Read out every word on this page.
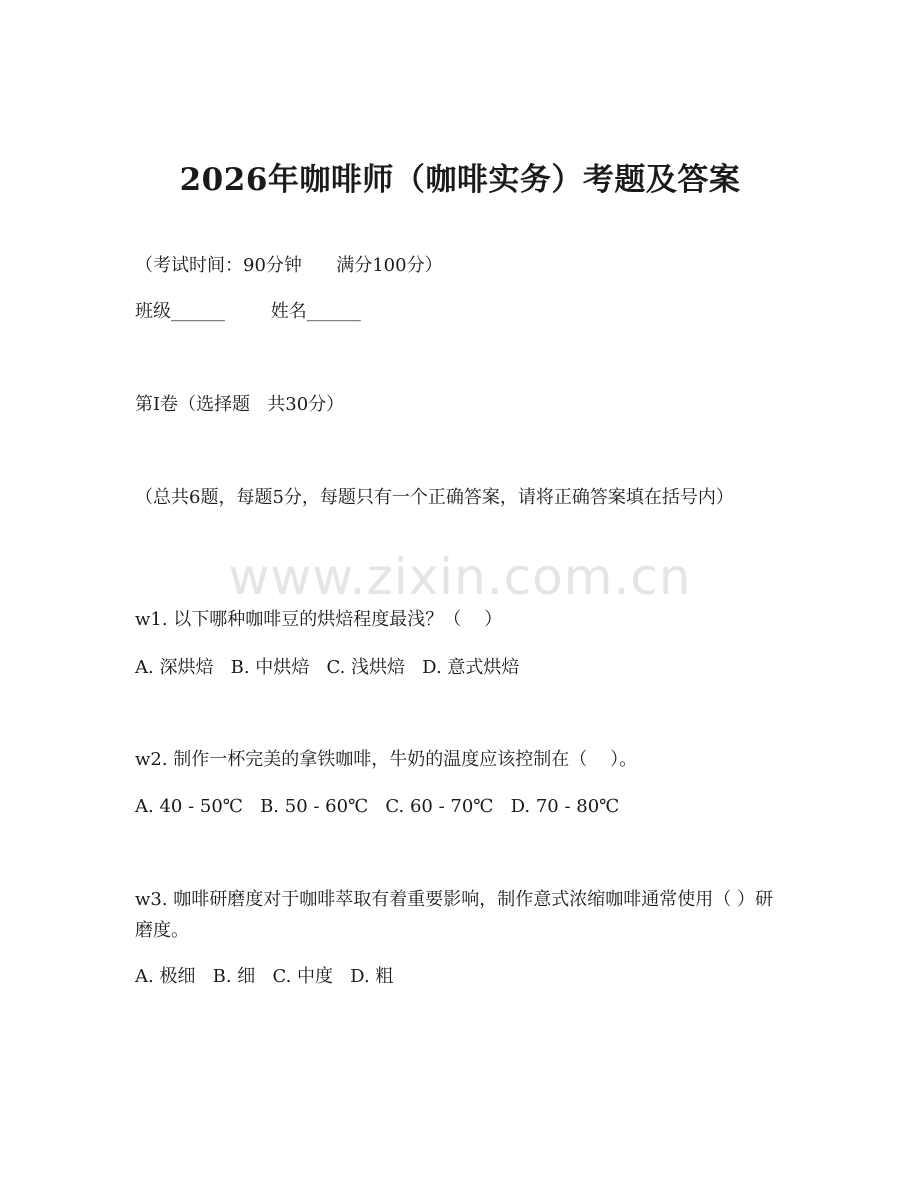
2026年咖啡师（咖啡实务）考题及答案

（考试时间：90分钟      满分100分）

班级______        姓名______

第I卷（选择题   共30分）

（总共6题，每题5分，每题只有一个正确答案，请将正确答案填在括号内）

www.zixin.com.cn

w1. 以下哪种咖啡豆的烘焙程度最浅？（    ）

A. 深烘焙   B. 中烘焙   C. 浅烘焙   D. 意式烘焙

w2. 制作一杯完美的拿铁咖啡，牛奶的温度应该控制在（    ）。

A. 40 - 50℃   B. 50 - 60℃   C. 60 - 70℃   D. 70 - 80℃

w3. 咖啡研磨度对于咖啡萃取有着重要影响，制作意式浓缩咖啡通常使用（ ）研磨度。

A. 极细   B. 细   C. 中度   D. 粗
